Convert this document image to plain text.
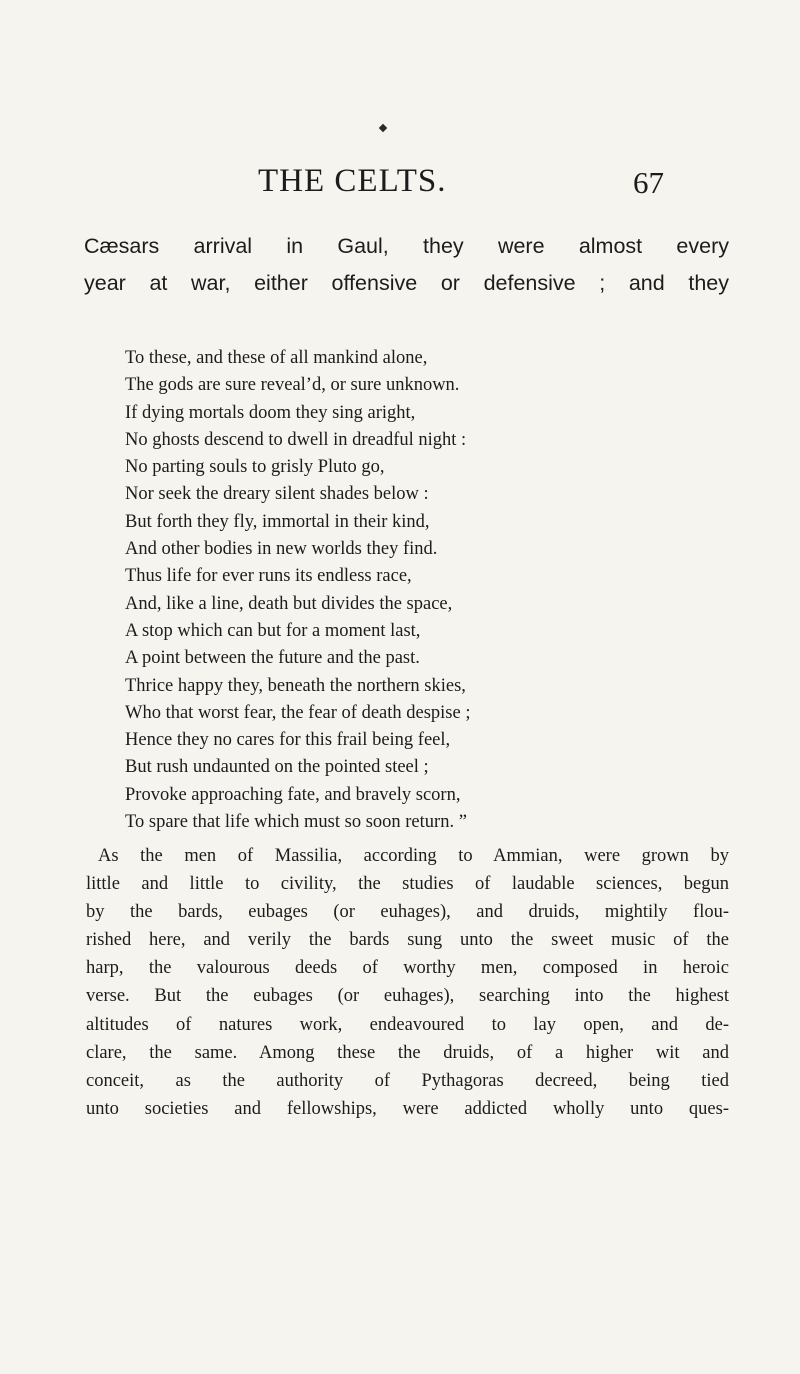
THE CELTS.	67
Cæsars arrival in Gaul, they were almost every
year at war, either offensive or defensive ; and they
To these, and these of all mankind alone,
The gods are sure reveal’d, or sure unknown.
If dying mortals doom they sing aright,
No ghosts descend to dwell in dreadful night :
No parting souls to grisly Pluto go,
Nor seek the dreary silent shades below :
But forth they fly, immortal in their kind,
And other bodies in new worlds they find.
Thus life for ever runs its endless race,
And, like a line, death but divides the space,
A stop which can but for a moment last,
A point between the future and the past.
Thrice happy they, beneath the northern skies,
Who that worst fear, the fear of death despise ;
Hence they no cares for this frail being feel,
But rush undaunted on the pointed steel ;
Provoke approaching fate, and bravely scorn,
To spare that life which must so soon return. ”
As the men of Massilia, according to Ammian, were grown by
little and little to civility, the studies of laudable sciences, begun
by the bards, eubages (or euhages), and druids, mightily flou-
rished here, and verily the bards sung unto the sweet music of the
harp, the valourous deeds of worthy men, composed in heroic
verse. But the eubages (or euhages), searching into the highest
altitudes of natures work, endeavoured to lay open, and de-
clare, the same. Among these the druids, of a higher wit and
conceit, as the authority of Pythagoras decreed, being tied
unto societies and fellowships, were addicted wholly unto ques-
